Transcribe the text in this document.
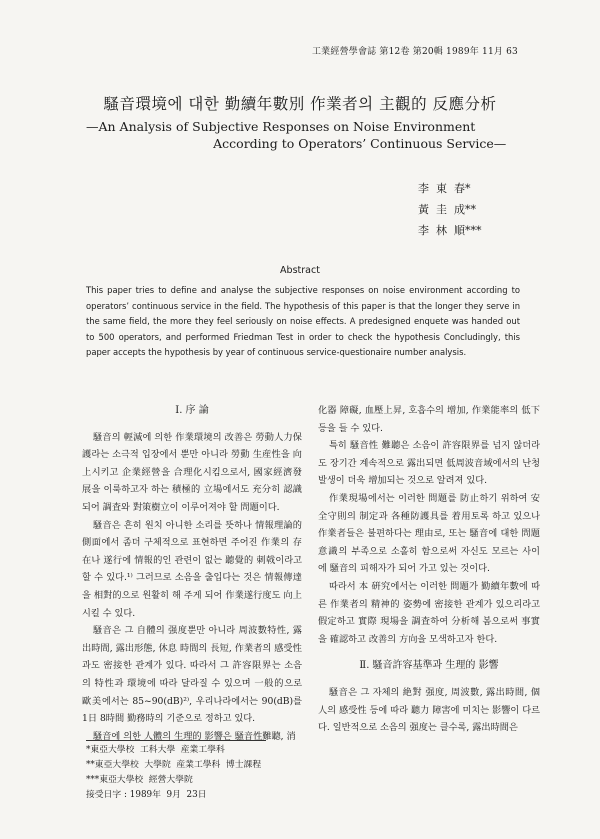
工業經營學會誌 第12卷 第20輯 1989年 11月 63
騷音環境에 대한 勤續年數別 作業者의 主觀的 反應分析
—An Analysis of Subjective Responses on Noise Environment
According to Operators’ Continuous Service—
李  東  春*
黃  圭  成**
李  林  順***
Abstract
This paper tries to define and analyse the subjective responses on noise environment according to operators’ continuous service in the field. The hypothesis of this paper is that the longer they serve in the same field, the more they feel seriously on noise effects. A predesigned enquete was handed out to 500 operators, and performed Friedman Test in order to check the hypothesis Concludingly, this paper accepts the hypothesis by year of continuous service-questionaire number analysis.
Ⅰ. 序 論

騷音의 輕減에 의한 作業環境의 改善은 勞動人力保護라는 소극적 입장에서 뿐만 아니라 勞動 生産性을 向上시키고 企業經營을 合理化시킴으로서, 國家經濟發展을 이룩하고자 하는 積極的 立場에서도 充分히 認識되어 調査와 對策樹立이 이루어져야 할 問題이다.

騷音은 흔히 원치 아니한 소리를 뜻하나 情報理論的 側面에서 좀더 구체적으로 표현하면 주어진 作業의 存在나 遂行에 情報的인 관련이 없는 聽覺的 刺戟이라고 할 수 있다.¹⁾ 그러므로 소음을 출입다는 것은 情報傳達을 相對的으로 원활히 해 주게 되어 作業遂行度도 向上시킬 수 있다.

騷音은 그 自體의 强度뿐만 아니라 周波數特性, 露出時間, 露出形態, 休息 時間의 長短, 作業者의 感受性과도 密接한 관계가 있다. 따라서 그 許容限界는 소음의 特性과 環境에 따라 달라질 수 있으며 一般的으로 歐美에서는 85~90(dB)²⁾, 우리나라에서는 90(dB)를 1日 8時間 勤務時의 기준으로 정하고 있다.

騷音에 의한 人體의 生理的 影響은 騷音性難聽, 消

化器 障礙, 血壓上昇, 호흡수의 增加, 作業能率의 低下등을 들 수 있다.

특히 騷音性 難聽은 소음이 許容限界를 넘지 않더라도 장기간 계속적으로 露出되면 低周波音域에서의 난청발생이 더욱 增加되는 것으로 알려져 있다.

作業現場에서는 이러한 問題를 防止하기 위하여 安全守則의 制定과 各種防護具를 着用토록 하고 있으나 作業者들은 불편하다는 理由로, 또는 騷音에 대한 問題意識의 부족으로 소홀히 함으로써 자신도 모르는 사이에 騷音의 피해자가 되어 가고 있는 것이다.

따라서 本 硏究에서는 이러한 問題가 勤續年數에 따른 作業者의 精神的 姿勢에 密接한 관계가 있으리라고 假定하고 實際 現場을 調査하여 分析해 봄으로써 事實을 確認하고 改善의 方向을 모색하고자 한다.

Ⅱ. 騷音許容基準과 生理的 影響

騷音은 그 자체의 絶對 强度, 周波數, 露出時間, 個人의 感受性 등에 따라 聽力 障害에 미치는 影響이 다르다. 일반적으로 소음의 强度는 클수록, 露出時間은

*東亞大學校  工科大學  産業工學科
**東亞大學校  大學院  産業工學科  博士課程
***東亞大學校  經營大學院
接受日字 : 1989年  9月  23日
